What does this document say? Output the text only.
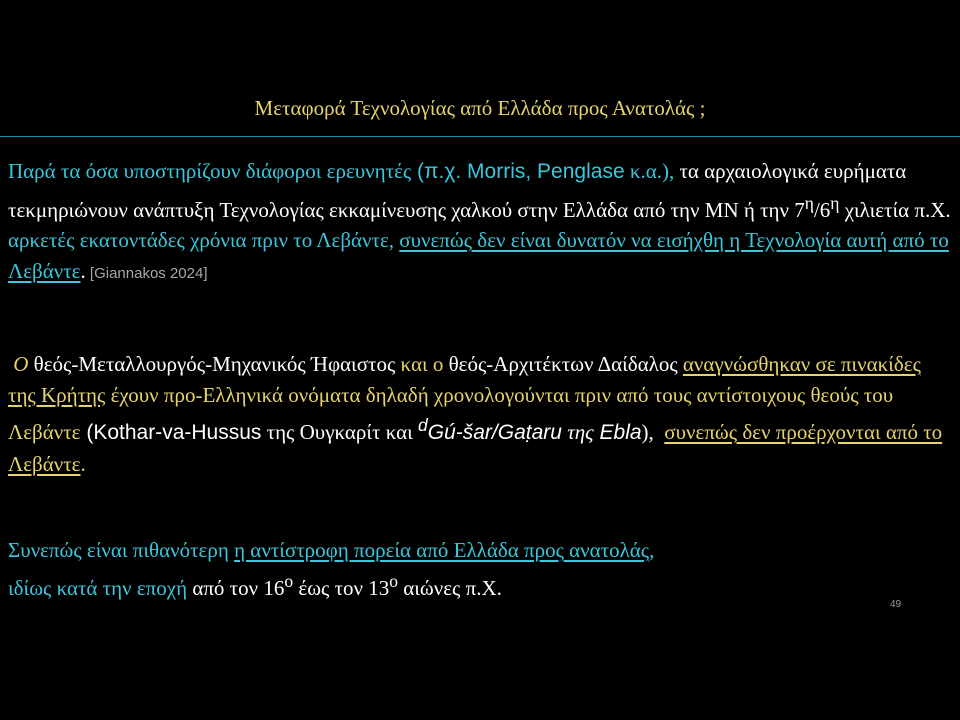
Μεταφορά Τεχνολογίας από Ελλάδα προς Ανατολάς ;
Παρά τα όσα υποστηρίζουν διάφοροι ερευνητές (π.χ. Morris, Penglase κ.α.), τα αρχαιολογικά ευρήματα τεκμηριώνουν ανάπτυξη Τεχνολογίας εκκαμίνευσης χαλκού στην Ελλάδα από την ΜΝ ή την $7^\eta/6^\eta$ χιλιετία π.Χ. αρκετές εκατοντάδες χρόνια πριν το Λεβάντε, συνεπώς δεν είναι δυνατόν να εισήχθη η Τεχνολογία αυτή από το Λεβάντε. [Giannakos 2024]
Ο θεός-Μεταλλουργός-Μηχανικός Ήφαιστος και ο θεός-Αρχιτέκτων Δαίδαλος αναγνώσθηκαν σε πινακίδες της Κρήτης έχουν προ-Ελληνικά ονόματα δηλαδή χρονολογούνται πριν από τους αντίστοιχους θεούς του Λεβάντε (Kothar-va-Hussus της Ουγκαρίτ και $^d$Gú-šar/Gaṭaru της Ebla), συνεπώς δεν προέρχονται από το Λεβάντε.
Συνεπώς είναι πιθανότερη η αντίστροφη πορεία από Ελλάδα προς ανατολάς,
ιδίως κατά την εποχή από τον $16^o$ έως τον $13^o$ αιώνες π.Χ.
49
